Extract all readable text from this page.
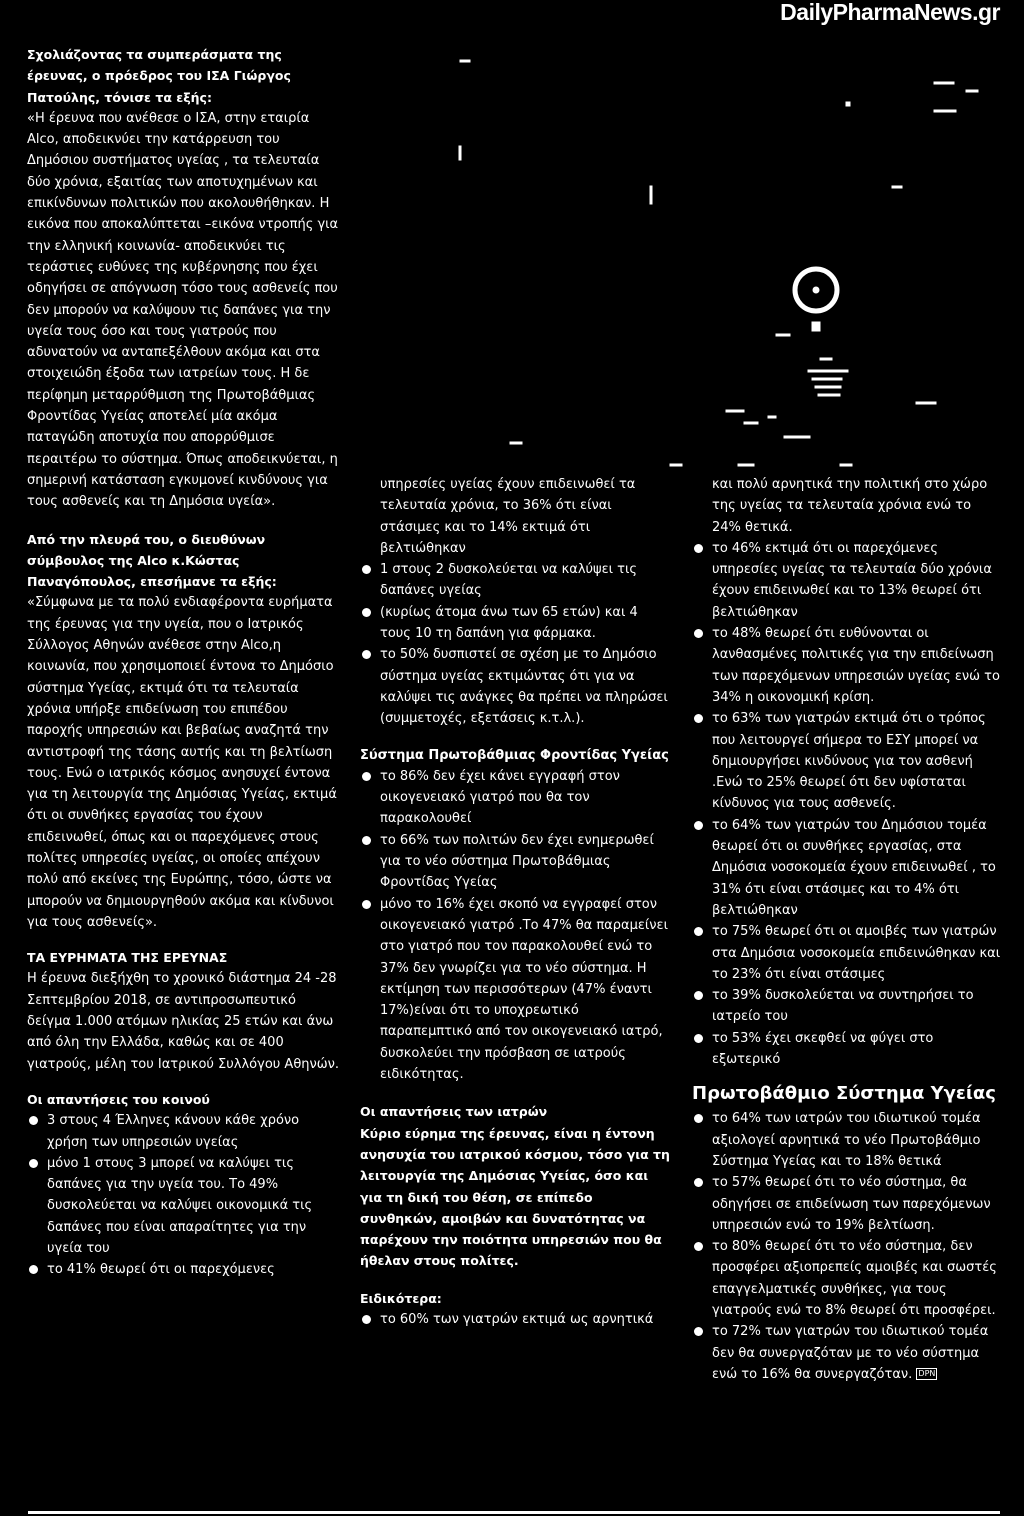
DailyPharmaNews.gr

Σχολιάζοντας τα συμπεράσματα της έρευνας, ο πρόεδρος του ΙΣΑ Γιώργος Πατούλης, τόνισε τα εξής:

«Η έρευνα που ανέθεσε ο ΙΣΑ, στην εταιρία Alco, αποδεικνύει την κατάρρευση του Δημόσιου συστήματος υγείας , τα τελευταία δύο χρόνια, εξαιτίας των αποτυχημένων και επικίνδυνων πολιτικών που ακολουθήθηκαν. Η εικόνα που αποκαλύπτεται –εικόνα ντροπής για την ελληνική κοινωνία- αποδεικνύει τις τεράστιες ευθύνες της κυβέρνησης που έχει οδηγήσει σε απόγνωση τόσο τους ασθενείς που δεν μπορούν να καλύψουν τις δαπάνες για την υγεία τους όσο και τους γιατρούς που αδυνατούν να ανταπεξέλθουν ακόμα και στα στοιχειώδη έξοδα των ιατρείων τους. Η δε περίφημη μεταρρύθμιση της Πρωτοβάθμιας Φροντίδας Υγείας αποτελεί μία ακόμα παταγώδη αποτυχία που απορρύθμισε περαιτέρω το σύστημα. Όπως αποδεικνύεται, η σημερινή κατάσταση εγκυμονεί κινδύνους για τους ασθενείς και τη Δημόσια υγεία».

Από την πλευρά του, ο διευθύνων σύμβουλος της Alco κ.Κώστας Παναγόπουλος, επεσήμανε τα εξής:

«Σύμφωνα με τα πολύ ενδιαφέροντα ευρήματα της έρευνας για την υγεία, που ο Ιατρικός Σύλλογος Αθηνών ανέθεσε στην Alco,η κοινωνία, που χρησιμοποιεί έντονα το Δημόσιο σύστημα Υγείας, εκτιμά ότι τα τελευταία χρόνια υπήρξε επιδείνωση του επιπέδου παροχής υπηρεσιών και βεβαίως αναζητά την αντιστροφή της τάσης αυτής και τη βελτίωση τους. Ενώ ο ιατρικός κόσμος ανησυχεί έντονα για τη λειτουργία της Δημόσιας Υγείας, εκτιμά ότι οι συνθήκες εργασίας του έχουν επιδεινωθεί, όπως και οι παρεχόμενες στους πολίτες υπηρεσίες υγείας, οι οποίες απέχουν πολύ από εκείνες της Ευρώπης, τόσο, ώστε να μπορούν να δημιουργηθούν ακόμα και κίνδυνοι για τους ασθενείς».

ΤΑ ΕΥΡΗΜΑΤΑ ΤΗΣ ΕΡΕΥΝΑΣ

Η έρευνα διεξήχθη το χρονικό διάστημα 24 -28 Σεπτεμβρίου 2018, σε αντιπροσωπευτικό δείγμα 1.000 ατόμων ηλικίας 25 ετών και άνω από όλη την Ελλάδα, καθώς και σε 400 γιατρούς, μέλη του Ιατρικού Συλλόγου Αθηνών.

Οι απαντήσεις του κοινού

3 στους 4 Έλληνες κάνουν κάθε χρόνο χρήση των υπηρεσιών υγείας
μόνο 1 στους 3 μπορεί να καλύψει τις δαπάνες για την υγεία του. Το 49% δυσκολεύεται να καλύψει οικονομικά τις δαπάνες που είναι απαραίτητες για την υγεία του
το 41% θεωρεί ότι οι παρεχόμενες

υπηρεσίες υγείας έχουν επιδεινωθεί τα τελευταία χρόνια, το 36% ότι είναι στάσιμες και το 14% εκτιμά ότι βελτιώθηκαν

1 στους 2 δυσκολεύεται να καλύψει τις δαπάνες υγείας
(κυρίως άτομα άνω των 65 ετών) και 4 τους 10 τη δαπάνη για φάρμακα.
το 50% δυσπιστεί σε σχέση με το Δημόσιο σύστημα υγείας εκτιμώντας ότι για να καλύψει τις ανάγκες θα πρέπει να πληρώσει (συμμετοχές, εξετάσεις κ.τ.λ.).

Σύστημα Πρωτοβάθμιας Φροντίδας Υγείας

το 86% δεν έχει κάνει εγγραφή στον οικογενειακό γιατρό που θα τον παρακολουθεί
το 66% των πολιτών δεν έχει ενημερωθεί για το νέο σύστημα Πρωτοβάθμιας Φροντίδας Υγείας
μόνο το 16% έχει σκοπό να εγγραφεί στον οικογενειακό γιατρό .Το 47% θα παραμείνει στο γιατρό που τον παρακολουθεί ενώ το 37% δεν γνωρίζει για το νέο σύστημα. Η εκτίμηση των περισσότερων (47% έναντι 17%)είναι ότι το υποχρεωτικό παραπεμπτικό από τον οικογενειακό ιατρό, δυσκολεύει την πρόσβαση σε ιατρούς ειδικότητας.

Οι απαντήσεις των ιατρών

Κύριο εύρημα της έρευνας, είναι η έντονη ανησυχία του ιατρικού κόσμου, τόσο για τη λειτουργία της Δημόσιας Υγείας, όσο και για τη δική του θέση, σε επίπεδο συνθηκών, αμοιβών και δυνατότητας να παρέχουν την ποιότητα υπηρεσιών που θα ήθελαν στους πολίτες.

Ειδικότερα:

το 60% των γιατρών εκτιμά ως αρνητικά

και πολύ αρνητικά την πολιτική στο χώρο της υγείας τα τελευταία χρόνια ενώ το 24% θετικά.

το 46% εκτιμά ότι οι παρεχόμενες υπηρεσίες υγείας τα τελευταία δύο χρόνια έχουν επιδεινωθεί και το 13% θεωρεί ότι βελτιώθηκαν
το 48% θεωρεί ότι ευθύνονται οι λανθασμένες πολιτικές για την επιδείνωση των παρεχόμενων υπηρεσιών υγείας ενώ το 34% η οικονομική κρίση.
το 63% των γιατρών εκτιμά ότι ο τρόπος που λειτουργεί σήμερα το ΕΣΥ μπορεί να δημιουργήσει κινδύνους για τον ασθενή .Ενώ το 25% θεωρεί ότι δεν υφίσταται κίνδυνος για τους ασθενείς.
το 64% των γιατρών του Δημόσιου τομέα θεωρεί ότι οι συνθήκες εργασίας, στα Δημόσια νοσοκομεία έχουν επιδεινωθεί , το 31% ότι είναι στάσιμες και το 4% ότι βελτιώθηκαν
το 75% θεωρεί ότι οι αμοιβές των γιατρών στα Δημόσια νοσοκομεία επιδεινώθηκαν και το 23% ότι είναι στάσιμες
το 39% δυσκολεύεται να συντηρήσει το ιατρείο του
το 53% έχει σκεφθεί να φύγει στο εξωτερικό

Πρωτοβάθμιο Σύστημα Υγείας

το 64% των ιατρών του ιδιωτικού τομέα αξιολογεί αρνητικά το νέο Πρωτοβάθμιο Σύστημα Υγείας και το 18% θετικά
το 57% θεωρεί ότι το νέο σύστημα, θα οδηγήσει σε επιδείνωση των παρεχόμενων υπηρεσιών ενώ το 19% βελτίωση.
το 80% θεωρεί ότι το νέο σύστημα, δεν προσφέρει αξιοπρεπείς αμοιβές και σωστές επαγγελματικές συνθήκες, για τους γιατρούς ενώ το 8% θεωρεί ότι προσφέρει.
το 72% των γιατρών του ιδιωτικού τομέα δεν θα συνεργαζόταν με το νέο σύστημα ενώ το 16% θα συνεργαζόταν. DPN
